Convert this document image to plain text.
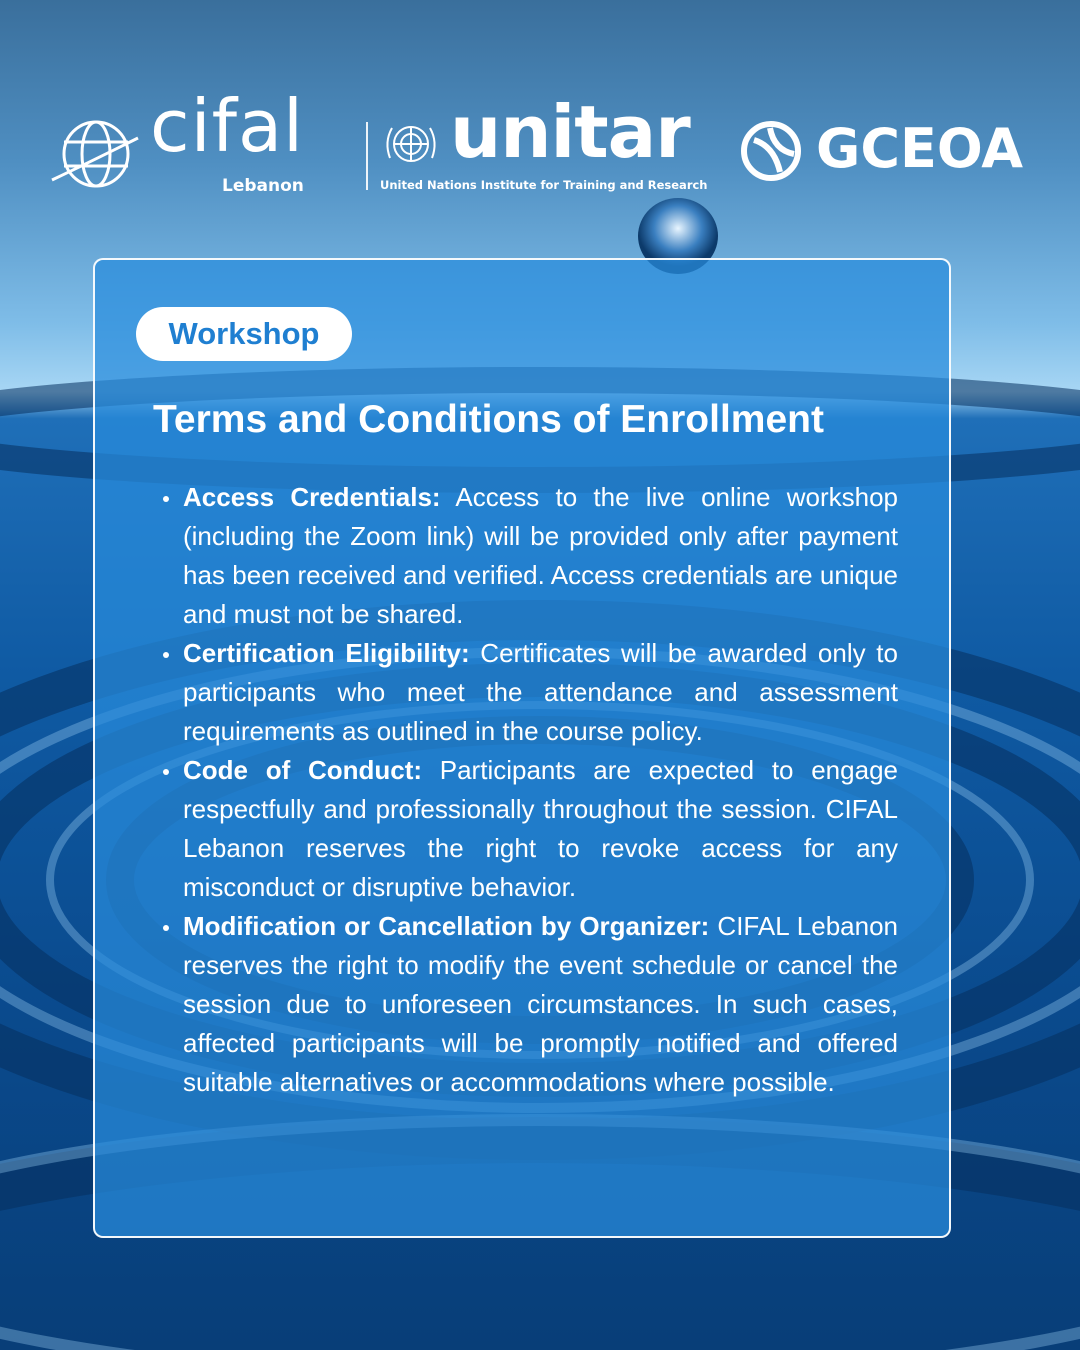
cifal
Lebanon
unitar
United Nations Institute for Training and Research
GCEOA
Workshop
Terms and Conditions of Enrollment
Access Credentials: Access to the live online workshop (including the Zoom link) will be provided only after payment has been received and verified. Access credentials are unique and must not be shared.
Certification Eligibility: Certificates will be awarded only to participants who meet the attendance and assessment requirements as outlined in the course policy.
Code of Conduct: Participants are expected to engage respectfully and professionally throughout the session. CIFAL Lebanon reserves the right to revoke access for any misconduct or disruptive behavior.
Modification or Cancellation by Organizer: CIFAL Lebanon reserves the right to modify the event schedule or cancel the session due to unforeseen circumstances. In such cases, affected participants will be promptly notified and offered suitable alternatives or accommodations where possible.
